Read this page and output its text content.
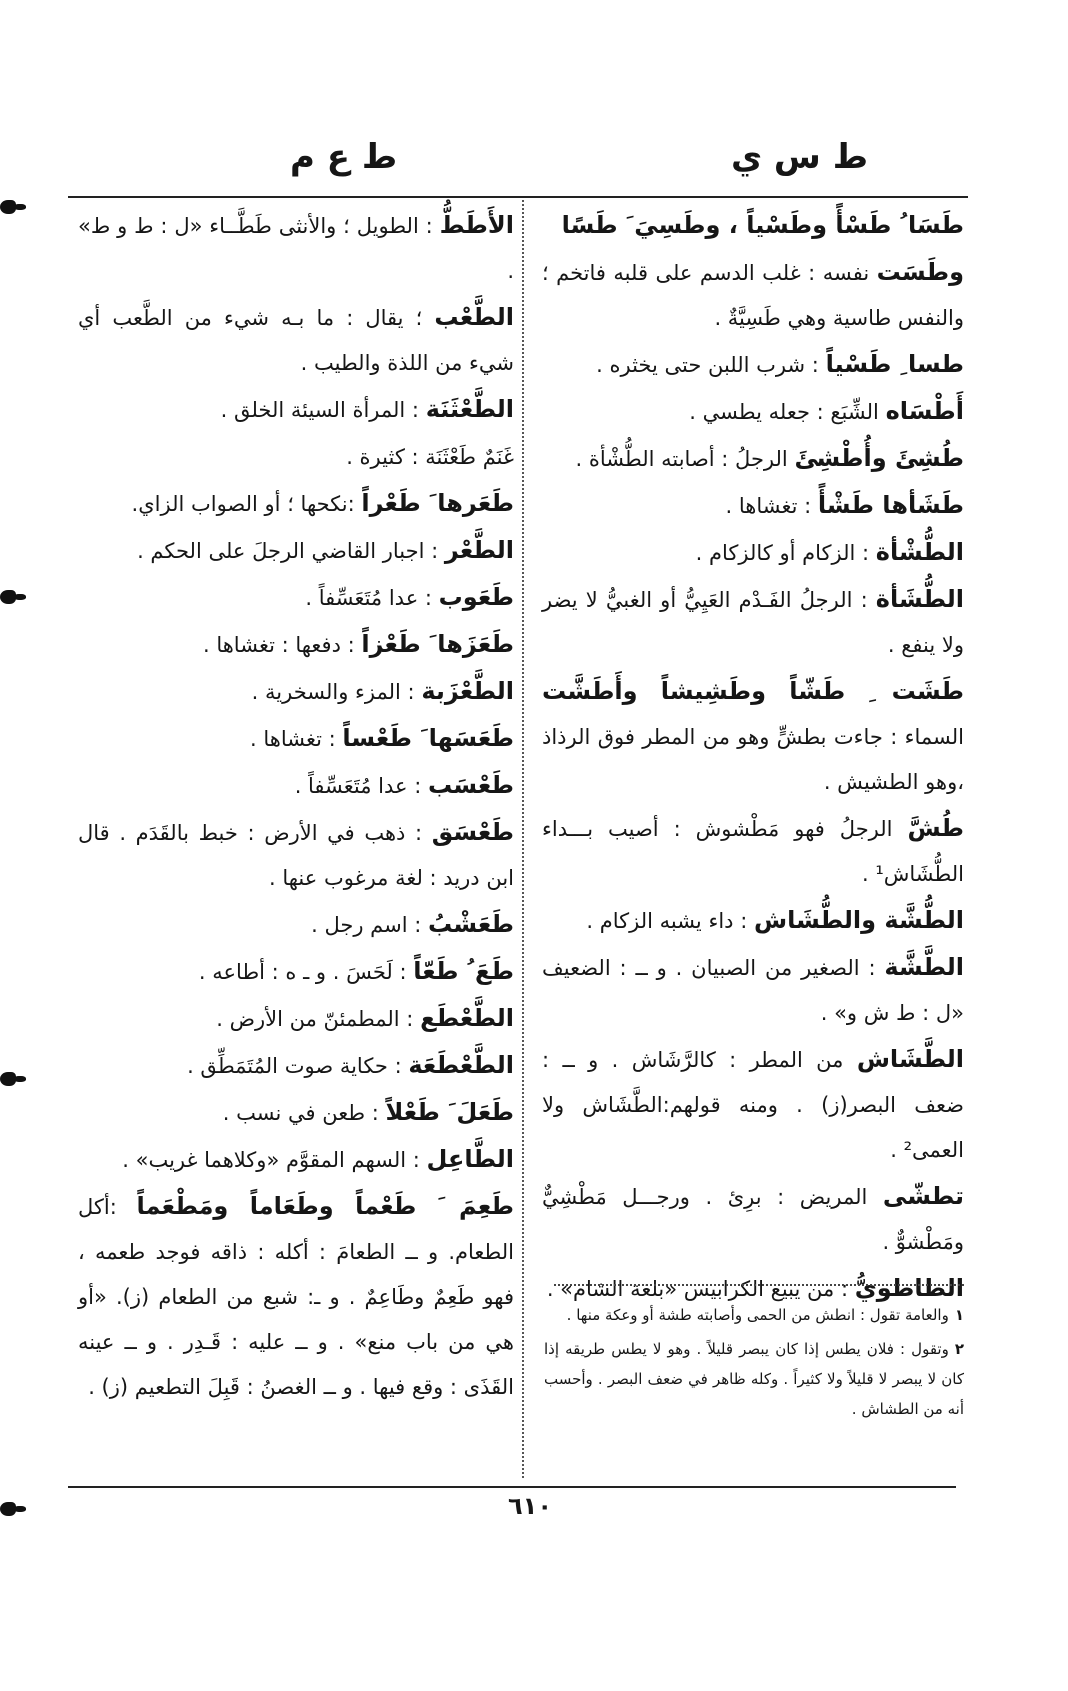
ط س ي
ط ع م

طَسَا ُ طَسْأً وطَسْياً ، وطَسِيَ َ طَسًا

وطَسَت نفسه : غلب الدسم على قلبه فاتخم ؛ والنفس طاسية وهي طَسِيَّةٌ .

طسا ِ طَسْياً : شرب اللبن حتى يخثره .

أَطْسَاه الشِّبَع : جعله يطسي .

طُشِئَ وأُطْشِئَ الرجلُ : أصابته الطُّشْأة .

طَشَأها طَشْأً : تغشاها .

الطُّشْأة : الزكام أو كالزكام .

الطُّشَأة : الرجلُ الفَـدْم العَيِيُّ أو الغبيُّ لا يضر ولا ينفع .

طَشَت ِ طَشّاً وطَشِيشاً وأَطَشَّت السماء : جاءت بطشٍّ وهو من المطر فوق الرذاذ ،وهو الطشيش .

طُشَّ الرجلُ فهو مَطْشوش : أصيب بـــداء الطُّشَاش¹ .

الطُّشَّة والطُّشَاش : داء يشبه الزكام .

الطَّشَّة : الصغير من الصبيان . و ــ : الضعيف «ل : ط ش و» .

الطَّشَاش من المطر : كالرَّشَاش . و ــ : ضعف البصر(ز) . ومنه قولهم:الطَّشَاش ولا العمى² .

تطشّى المريض : برِئ . ورجـــل مَطْشِيٌّ ومَطْشوٌّ .

الطاطويُّ : من يبيع الكرابيس «بلغة الشام» .

١والعامة تقول : انطش من الحمى وأصابته طشة أو وعكة منها .
٢وتقول : فلان يطس إذا كان يبصر قليلاً . وهو لا يطس طريقه إذا كان لا يبصر لا قليلاً ولا كثيراً . وكله ظاهر في ضعف البصر . وأحسب أنه من الطشاش .

الأَطَطُّ : الطويل ؛ والأنثى طَطَّــاء «ل : ط و ط» .

الطَّعْب ؛ يقال : ما بـه شيء من الطَّعب أي شيء من اللذة والطيب .

الطَّعْثَنَة : المرأة السيئة الخلق .

غَنَمٌ طَعْثَنَة : كثيرة .

طَعَرها َ طَعْراً :نكحها ؛ أو الصواب الزاي.

الطَّعْر : اجبار القاضي الرجلَ على الحكم .

طَعَوب : عدا مُتَعَسِّفاً .

طَعَزَها َ طَعْزاً : دفعها : تغشاها .

الطَّعْزَبة : المزء والسخرية .

طَعَسَها َ طَعْساً : تغشاها .

طَعْسَب : عدا مُتَعَسِّفاً .

طَعْسَق : ذهب في الأرض : خبط بالقَدَم . قال ابن دريد : لغة مرغوب عنها .

طَعَشْبُ : اسم رجل .

طَعَ ُ طَعّاً : لَحَسَ . و ـ ه : أطاعه .

الطَّعْطَع : المطمئنّ من الأرض .

الطَّعْطَعَة : حكاية صوت المُتَمَطِّق .

طَعَلَ َ طَعْلاً : طعن في نسب .

الطَّاعِل : السهم المقوَّم «وكلاهما غريب» .

طَعِمَ َ طَعْماً وطَعَاماً ومَطْعَماً :أكل الطعام. و ــ الطعامَ : أكله : ذاقه فوجد طعمه ، فهو طَعِمٌ وطَاعِمٌ . و ـ: شبع من الطعام (ز). «أو هي من باب منع» . و ــ عليه : قَـدِر . و ــ عينه القَذَى : وقع فيها . و ــ الغصنُ : قَبِلَ التطعيم (ز) .

٦١٠
